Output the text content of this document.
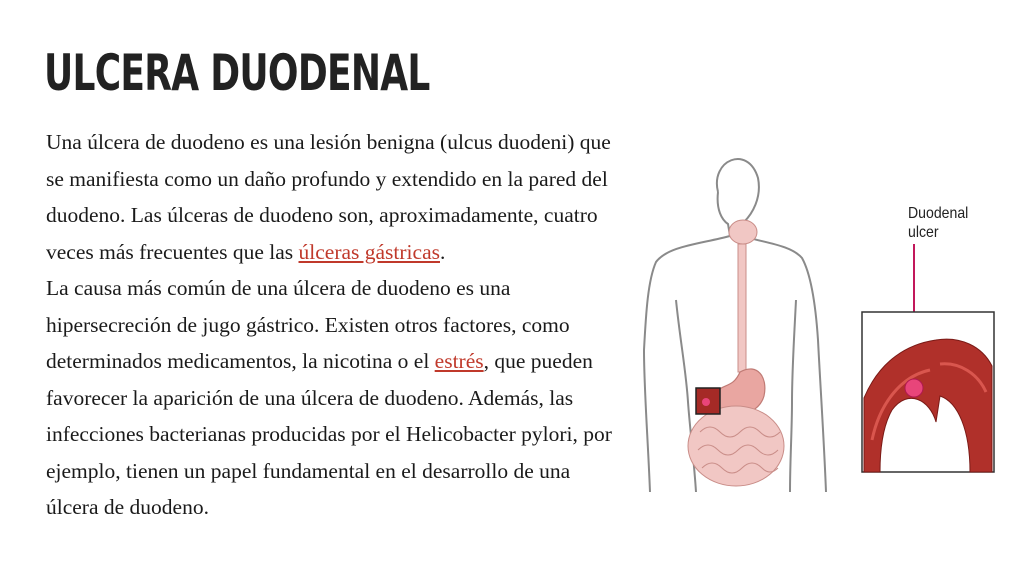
ULCERA DUODENAL

Una úlcera de duodeno es una lesión benigna (ulcus duodeni) que se manifiesta como un daño profundo y extendido en la pared del duodeno. Las úlceras de duodeno son, aproximadamente, cuatro veces más frecuentes que las úlceras gástricas.

La causa más común de una úlcera de duodeno es una hipersecreción de jugo gástrico. Existen otros factores, como determinados medicamentos, la nicotina o el estrés, que pueden favorecer la aparición de una úlcera de duodeno. Además, las infecciones bacterianas producidas por el Helicobacter pylori, por ejemplo, tienen un papel fundamental en el desarrollo de una úlcera de duodeno.

Duodenal
ulcer
